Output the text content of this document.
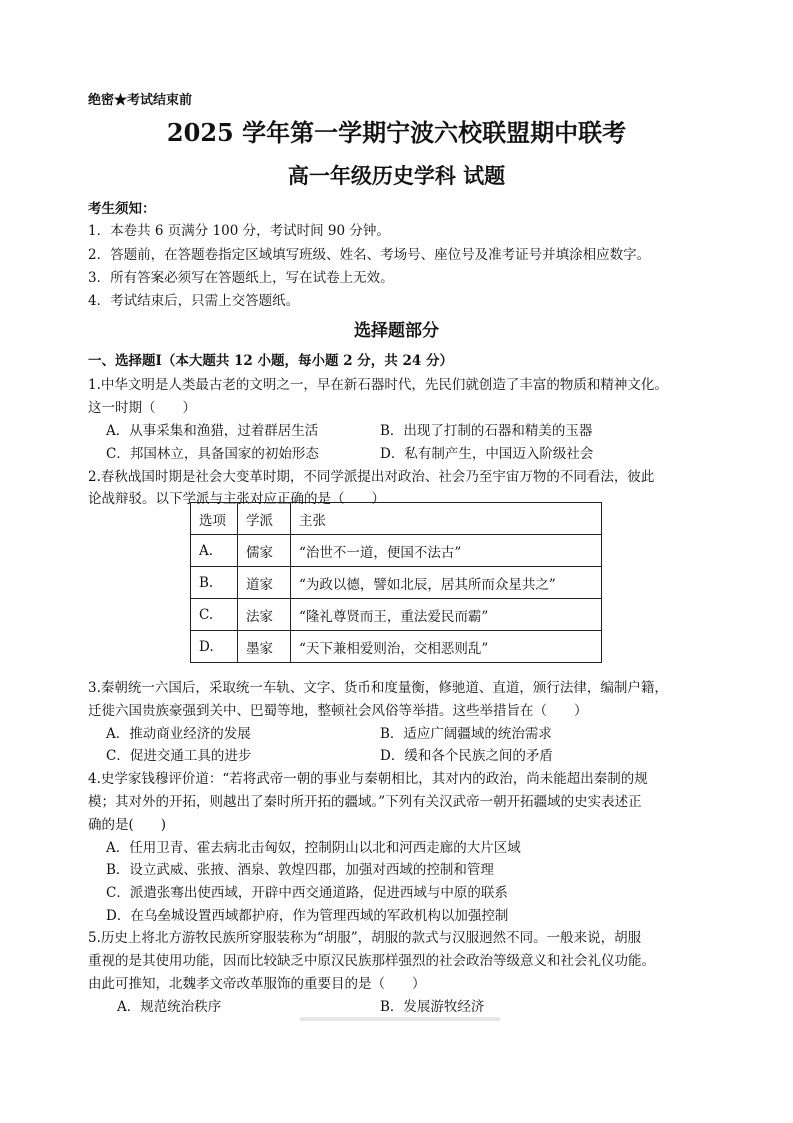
绝密★考试结束前
2025 学年第一学期宁波六校联盟期中联考
高一年级历史学科 试题
考生须知：
1．本卷共 6 页满分 100 分，考试时间 90 分钟。
2．答题前，在答题卷指定区域填写班级、姓名、考场号、座位号及准考证号并填涂相应数字。
3．所有答案必须写在答题纸上，写在试卷上无效。
4．考试结束后，只需上交答题纸。
选择题部分
一、选择题Ⅰ（本大题共 12 小题，每小题 2 分，共 24 分）
1.中华文明是人类最古老的文明之一，早在新石器时代，先民们就创造了丰富的物质和精神文化。
这一时期（　　）
A．从事采集和渔猎，过着群居生活	B．出现了打制的石器和精美的玉器
C．邦国林立，具备国家的初始形态	D．私有制产生，中国迈入阶级社会
2.春秋战国时期是社会大变革时期，不同学派提出对政治、社会乃至宇宙万物的不同看法，彼此
论战辩驳。以下学派与主张对应正确的是（　　）
选项	学派	主张
A.	儒家	“治世不一道，便国不法古”
B.	道家	“为政以德，譬如北辰，居其所而众星共之”
C.	法家	“隆礼尊贤而王，重法爱民而霸”
D.	墨家	“天下兼相爱则治，交相恶则乱”
3.秦朝统一六国后，采取统一车轨、文字、货币和度量衡，修驰道、直道，颁行法律，编制户籍，
迁徙六国贵族豪强到关中、巴蜀等地，整顿社会风俗等举措。这些举措旨在（　　）
A．推动商业经济的发展	B．适应广阔疆域的统治需求
C．促进交通工具的进步	D．缓和各个民族之间的矛盾
4.史学家钱穆评价道：“若将武帝一朝的事业与秦朝相比，其对内的政治，尚未能超出秦制的规
模；其对外的开拓，则越出了秦时所开拓的疆域。”下列有关汉武帝一朝开拓疆域的史实表述正
确的是(　　)
A．任用卫青、霍去病北击匈奴，控制阴山以北和河西走廊的大片区域
B．设立武威、张掖、酒泉、敦煌四郡，加强对西域的控制和管理
C．派遣张骞出使西域，开辟中西交通道路，促进西域与中原的联系
D．在乌垒城设置西域都护府，作为管理西域的军政机构以加强控制
5.历史上将北方游牧民族所穿服装称为“胡服”，胡服的款式与汉服迥然不同。一般来说，胡服
重视的是其使用功能，因而比较缺乏中原汉民族那样强烈的社会政治等级意义和社会礼仪功能。
由此可推知，北魏孝文帝改革服饰的重要目的是（　　）
A．规范统治秩序	B．发展游牧经济
